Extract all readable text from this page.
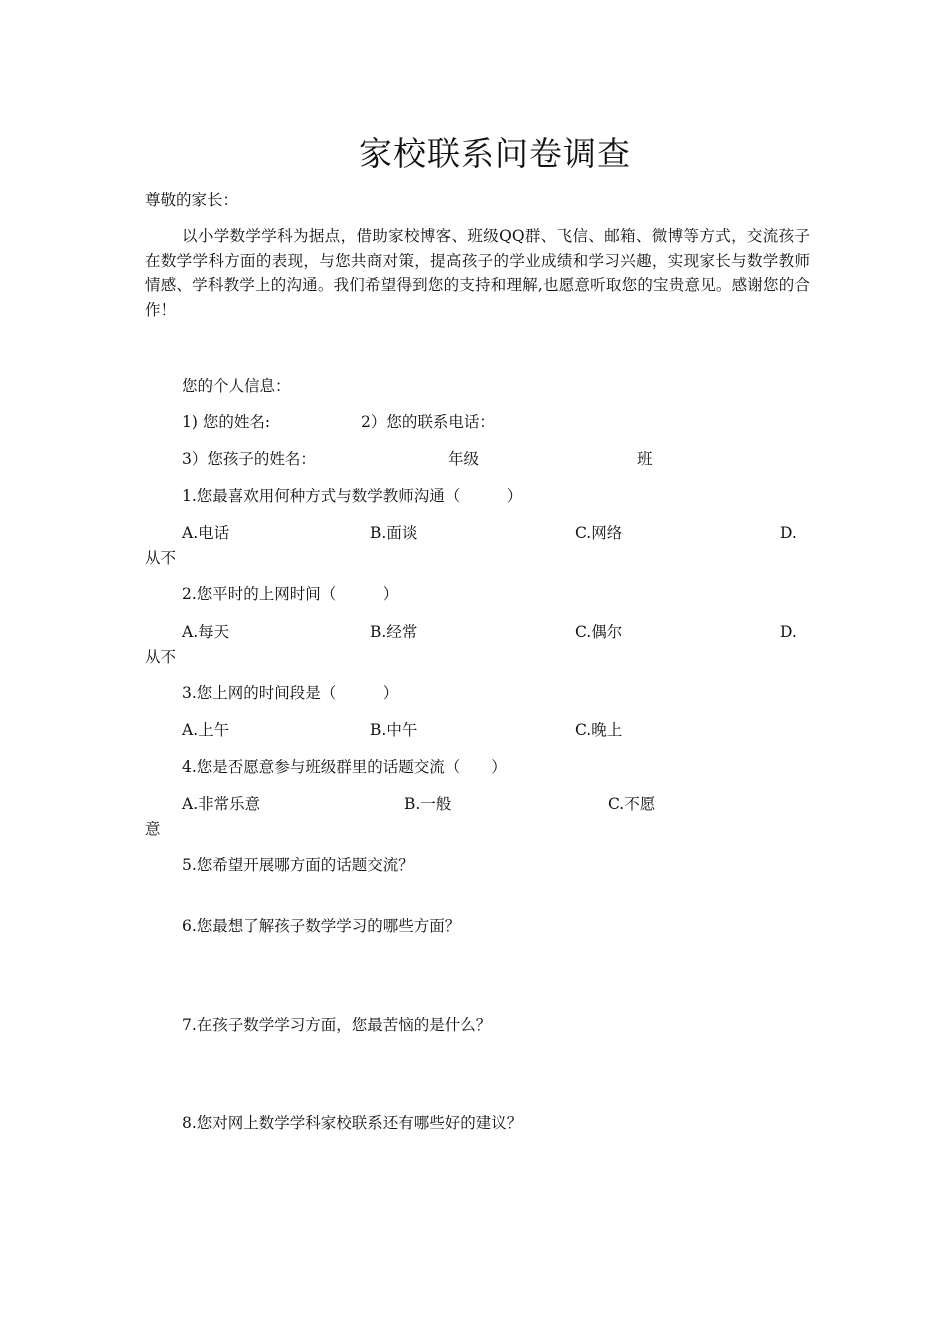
家校联系问卷调查
尊敬的家长：
以小学数学学科为据点，借助家校博客、班级QQ群、飞信、邮箱、微博等方式，交流孩子在数学学科方面的表现，与您共商对策，提高孩子的学业成绩和学习兴趣，实现家长与数学教师情感、学科教学上的沟通。我们希望得到您的支持和理解,也愿意听取您的宝贵意见。感谢您的合作！
您的个人信息：
1) 您的姓名:	2）您的联系电话：
3）您孩子的姓名：	年级	班
1.您最喜欢用何种方式与数学教师沟通（　　　）
A.电话	B.面谈	C.网络	D.
从不
2.您平时的上网时间（　　　）
A.每天	B.经常	C.偶尔	D.
从不
3.您上网的时间段是（　　　）
A.上午	B.中午	C.晚上
4.您是否愿意参与班级群里的话题交流（　　）
A.非常乐意	B.一般	C.不愿
意
5.您希望开展哪方面的话题交流？
6.您最想了解孩子数学学习的哪些方面？
7.在孩子数学学习方面，您最苦恼的是什么？
8.您对网上数学学科家校联系还有哪些好的建议？
